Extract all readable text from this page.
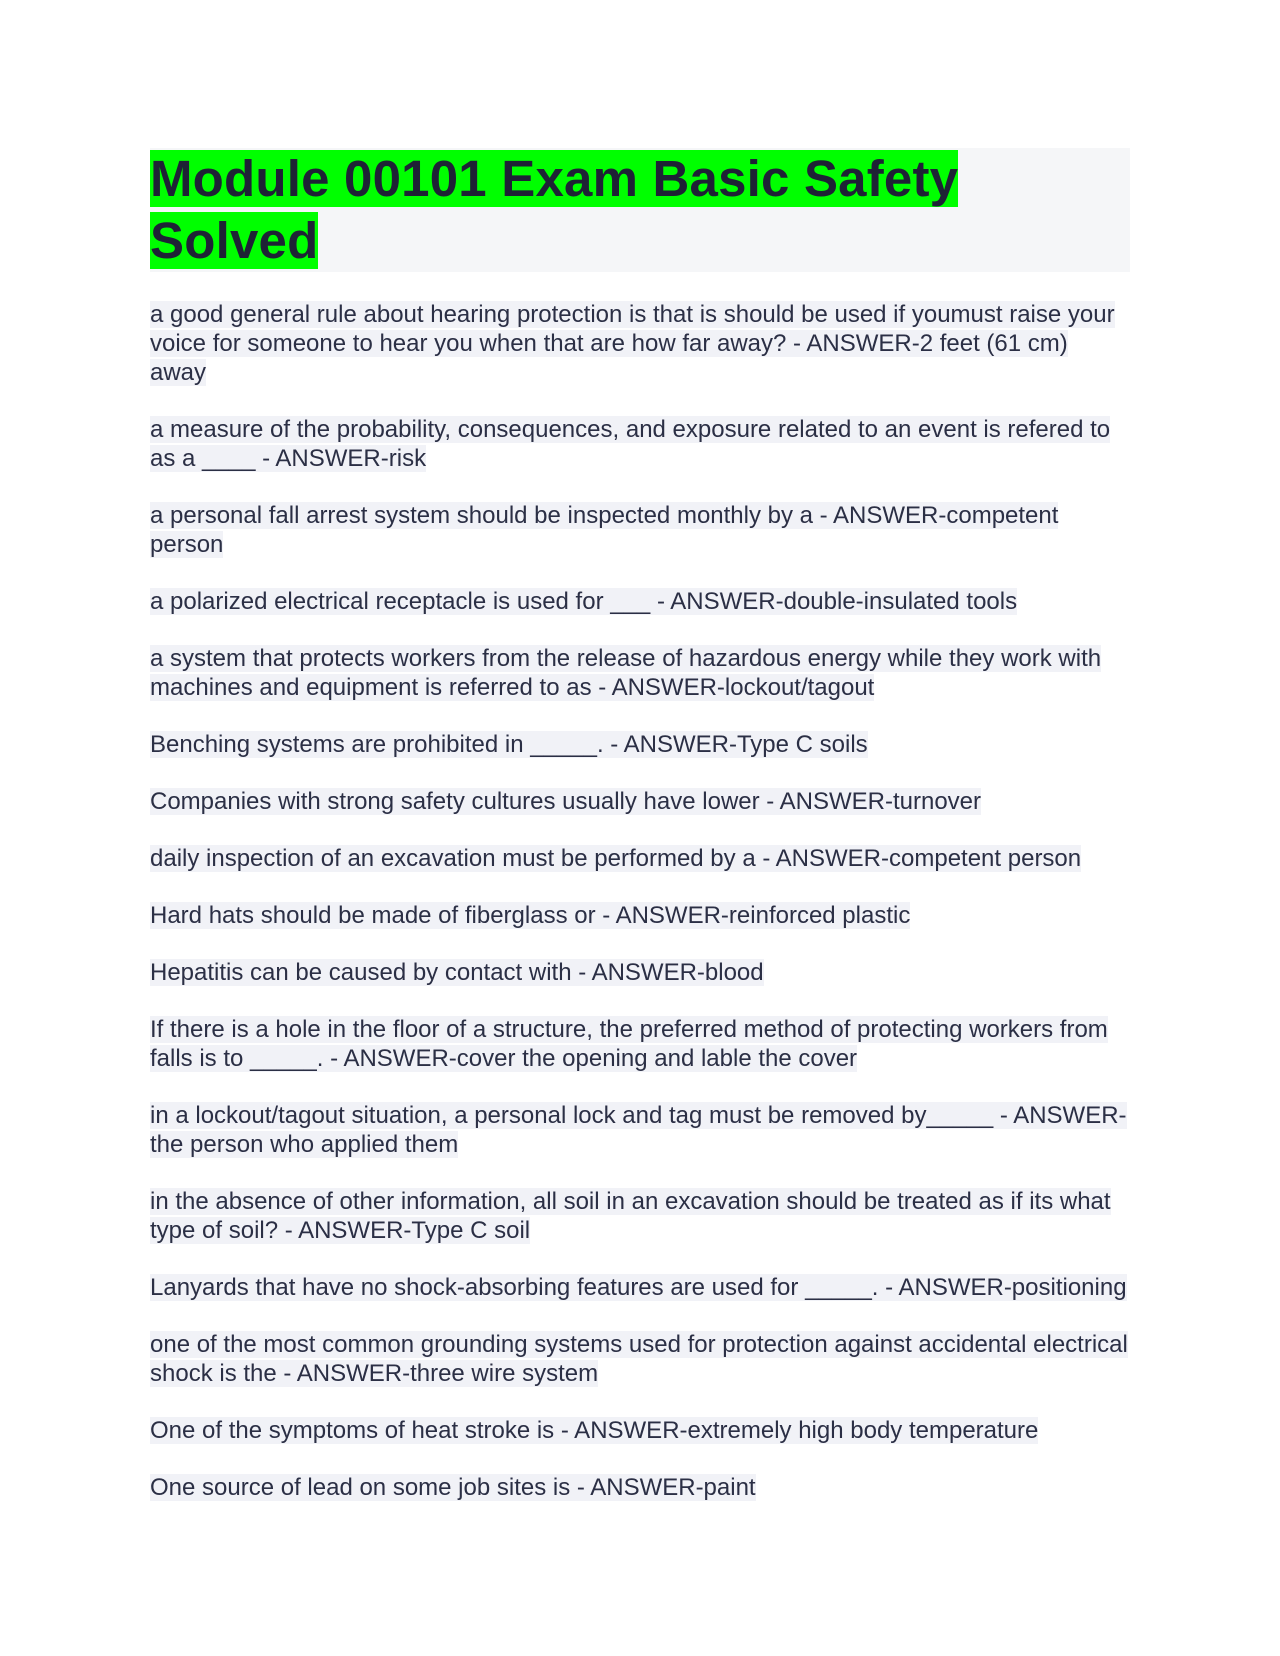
Module 00101 Exam Basic Safety Solved
a good general rule about hearing protection is that is should be used if youmust raise your voice for someone to hear you when that are how far away? - ANSWER-2 feet (61 cm) away
a measure of the probability, consequences, and exposure related to an event is refered to as a ____ - ANSWER-risk
a personal fall arrest system should be inspected monthly by a - ANSWER-competent person
a polarized electrical receptacle is used for ___ - ANSWER-double-insulated tools
a system that protects workers from the release of hazardous energy while they work with machines and equipment is referred to as - ANSWER-lockout/tagout
Benching systems are prohibited in _____. - ANSWER-Type C soils
Companies with strong safety cultures usually have lower - ANSWER-turnover
daily inspection of an excavation must be performed by a - ANSWER-competent person
Hard hats should be made of fiberglass or - ANSWER-reinforced plastic
Hepatitis can be caused by contact with - ANSWER-blood
If there is a hole in the floor of a structure, the preferred method of protecting workers from falls is to _____. - ANSWER-cover the opening and lable the cover
in a lockout/tagout situation, a personal lock and tag must be removed by_____ - ANSWER-the person who applied them
in the absence of other information, all soil in an excavation should be treated as if its what type of soil? - ANSWER-Type C soil
Lanyards that have no shock-absorbing features are used for _____. - ANSWER-positioning
one of the most common grounding systems used for protection against accidental electrical shock is the - ANSWER-three wire system
One of the symptoms of heat stroke is - ANSWER-extremely high body temperature
One source of lead on some job sites is - ANSWER-paint
